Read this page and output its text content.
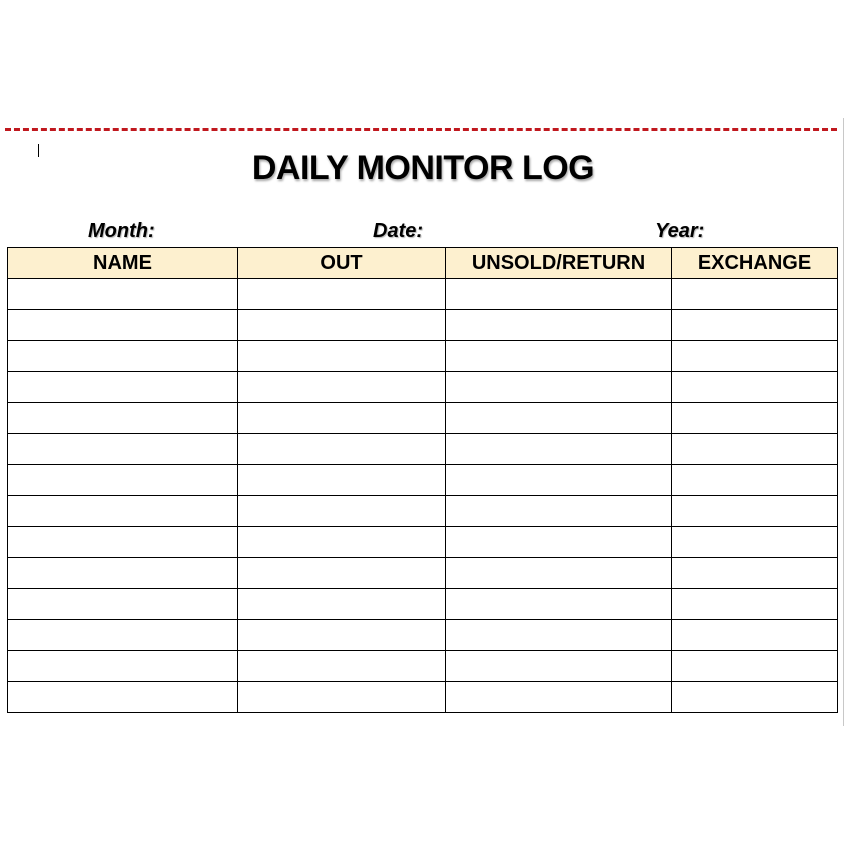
DAILY MONITOR LOG
Month:	Date:	Year:
NAME	OUT	UNSOLD/RETURN	EXCHANGE
